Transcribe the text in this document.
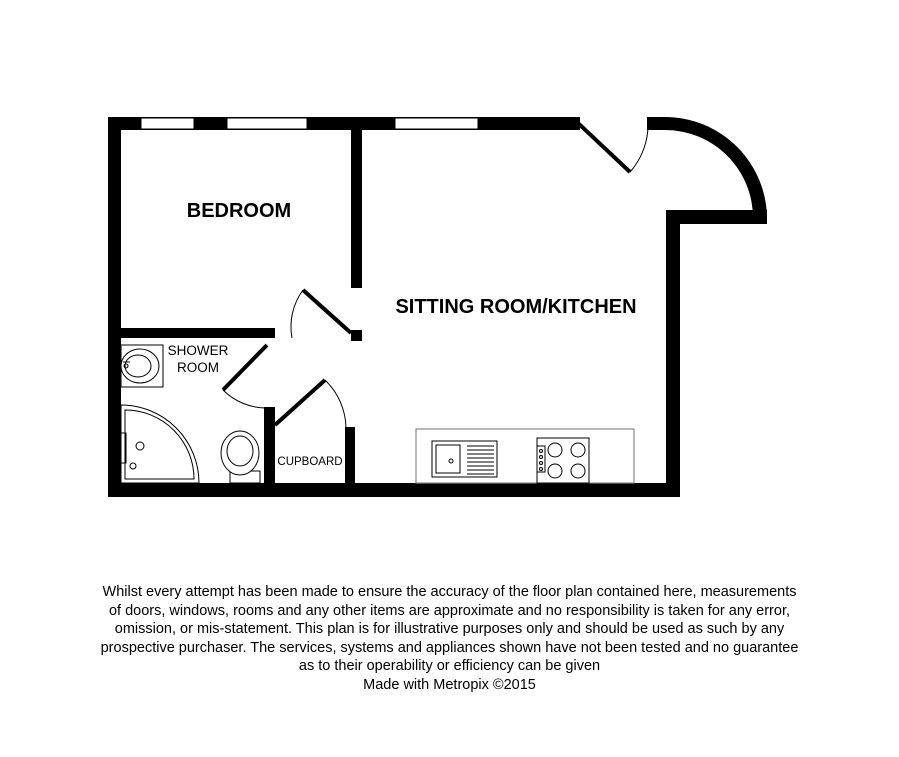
BEDROOM
SITTING ROOM/KITCHEN
SHOWER
ROOM
CUPBOARD
Whilst every attempt has been made to ensure the accuracy of the floor plan contained here, measurements
of doors, windows, rooms and any other items are approximate and no responsibility is taken for any error,
omission, or mis-statement. This plan is for illustrative purposes only and should be used as such by any
prospective purchaser. The services, systems and appliances shown have not been tested and no guarantee
as to their operability or efficiency can be given
Made with Metropix ©2015
